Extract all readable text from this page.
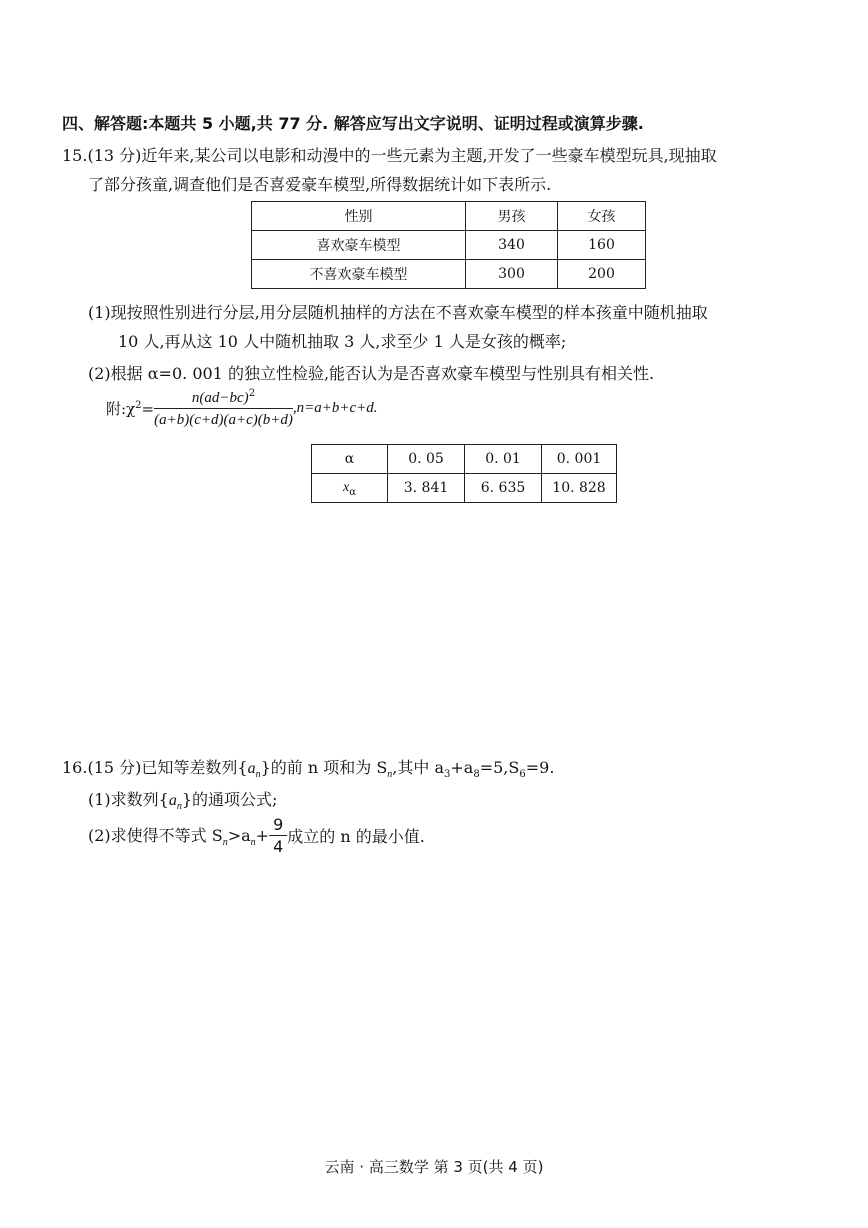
四、解答题:本题共 5 小题,共 77 分. 解答应写出文字说明、证明过程或演算步骤.
15.(13 分)近年来,某公司以电影和动漫中的一些元素为主题,开发了一些豪车模型玩具,现抽取
了部分孩童,调查他们是否喜爱豪车模型,所得数据统计如下表所示.
性别	男孩	女孩
喜欢豪车模型	340	160
不喜欢豪车模型	300	200
(1)现按照性别进行分层,用分层随机抽样的方法在不喜欢豪车模型的样本孩童中随机抽取
10 人,再从这 10 人中随机抽取 3 人,求至少 1 人是女孩的概率;
(2)根据 α=0. 001 的独立性检验,能否认为是否喜欢豪车模型与性别具有相关性.
附$:\chi^2= \frac{n(ad-bc)^2}{(a+b)(c+d)(a+c)(b+d)} ,n=a+b+c+d$.
α	0. 05	0. 01	0. 001
$x_\alpha$	3. 841	6. 635	10. 828
16.(15 分)已知等差数列$\{a_n\}$的前 n 项和为 $S_n$,其中 $a_3+a_8=5,S_6=9$.
(1)求数列$\{a_n\}$的通项公式;
(2)求使得不等式 $S_n>a_n+ \frac{9}{4}$ 成立的 n 的最小值.
云南 · 高三数学 第 3 页(共 4 页)
